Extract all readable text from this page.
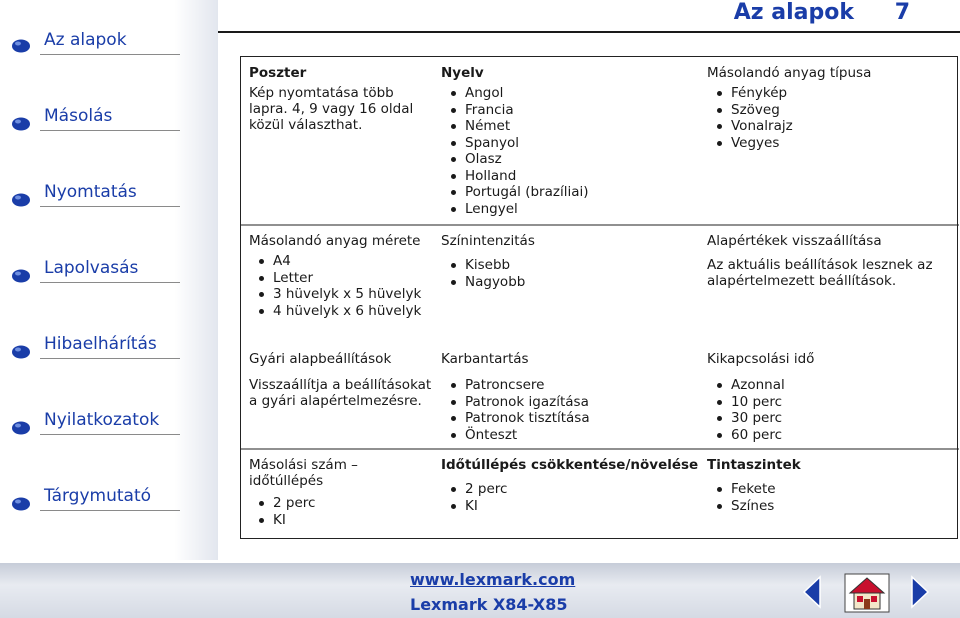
Az alapok 7
Az alapok
Másolás
Nyomtatás
Lapolvasás
Hibaelhárítás
Nyilatkozatok
Tárgymutató
Poszter
Kép nyomtatása több lapra. 4, 9 vagy 16 oldal közül választhat.
Nyelv
Angol
Francia
Német
Spanyol
Olasz
Holland
Portugál (brazíliai)
Lengyel
Másolandó anyag típusa
Fénykép
Szöveg
Vonalrajz
Vegyes
Másolandó anyag mérete
A4
Letter
3 hüvelyk x 5 hüvelyk
4 hüvelyk x 6 hüvelyk
Színintenzitás
Kisebb
Nagyobb
Alapértékek visszaállítása
Az aktuális beállítások lesznek az alapértelmezett beállítások.
Gyári alapbeállítások
Visszaállítja a beállításokat a gyári alapértelmezésre.
Karbantartás
Patroncsere
Patronok igazítása
Patronok tisztítása
Önteszt
Kikapcsolási idő
Azonnal
10 perc
30 perc
60 perc
Másolási szám – időtúllépés
2 perc
KI
Időtúllépés csökkentése/növelése
2 perc
KI
Tintaszintek
Fekete
Színes
www.lexmark.com
Lexmark X84-X85
